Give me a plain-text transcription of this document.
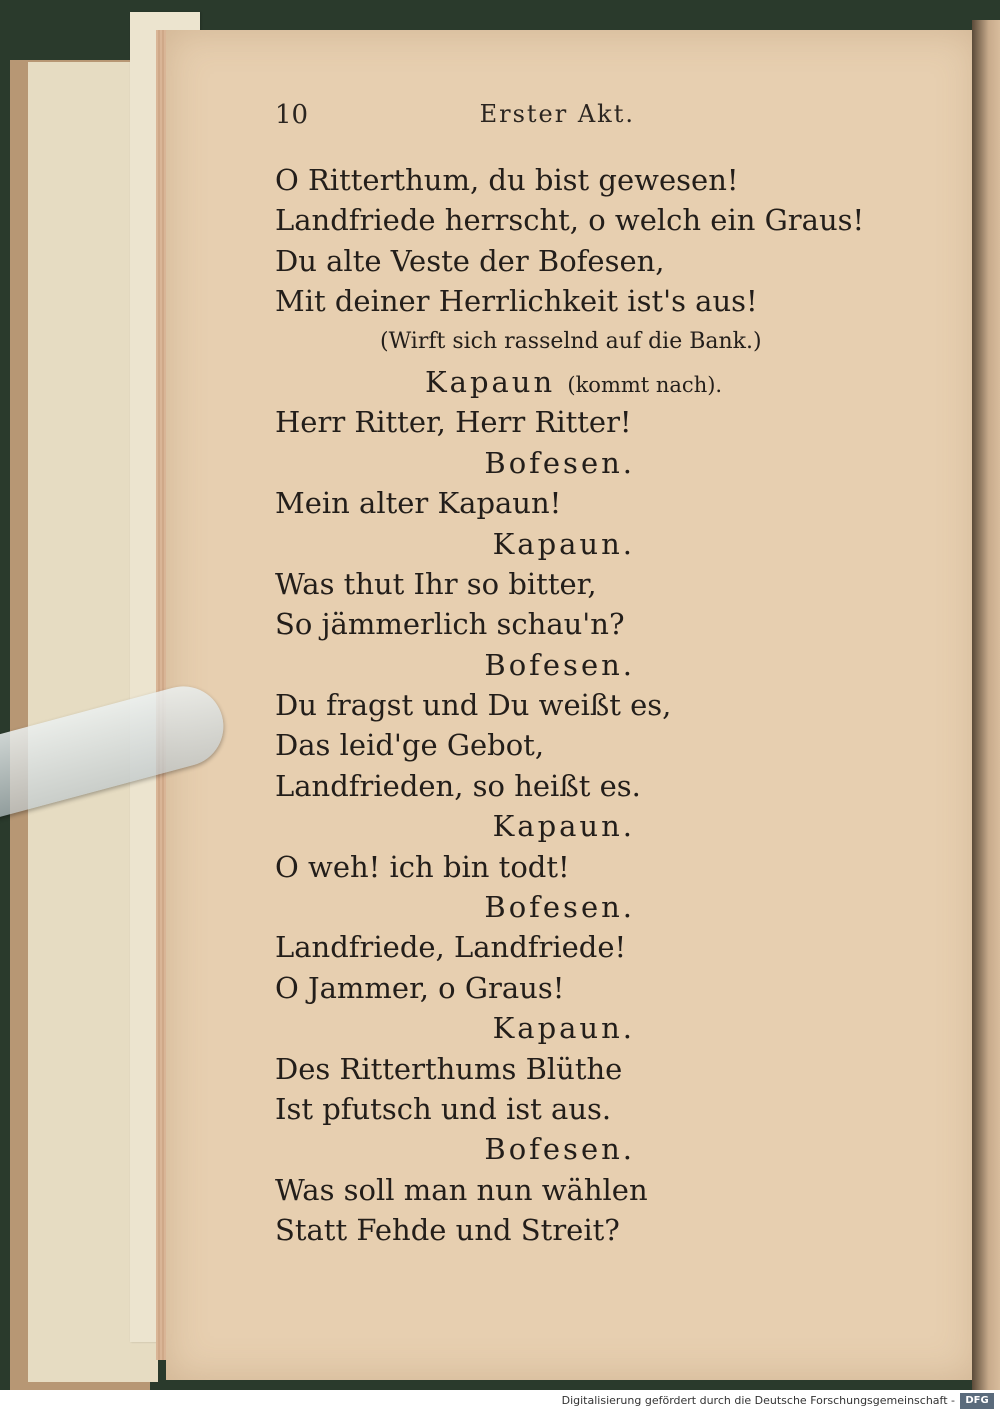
10	Erster Akt.
O Ritterthum, du bist gewesen!
Landfriede herrscht, o welch ein Graus!
Du alte Veste der Bofesen,
Mit deiner Herrlichkeit ist's aus!
(Wirft sich rasselnd auf die Bank.)
Kapaun (kommt nach).
Herr Ritter, Herr Ritter!
Bofesen.
Mein alter Kapaun!
Kapaun.
Was thut Ihr so bitter,
So jämmerlich schau'n?
Bofesen.
Du fragst und Du weißt es,
Das leid'ge Gebot,
Landfrieden, so heißt es.
Kapaun.
O weh! ich bin todt!
Bofesen.
Landfriede, Landfriede!
O Jammer, o Graus!
Kapaun.
Des Ritterthums Blüthe
Ist pfutsch und ist aus.
Bofesen.
Was soll man nun wählen
Statt Fehde und Streit?
Digitalisierung gefördert durch die Deutsche Forschungsgemeinschaft -	DFG
